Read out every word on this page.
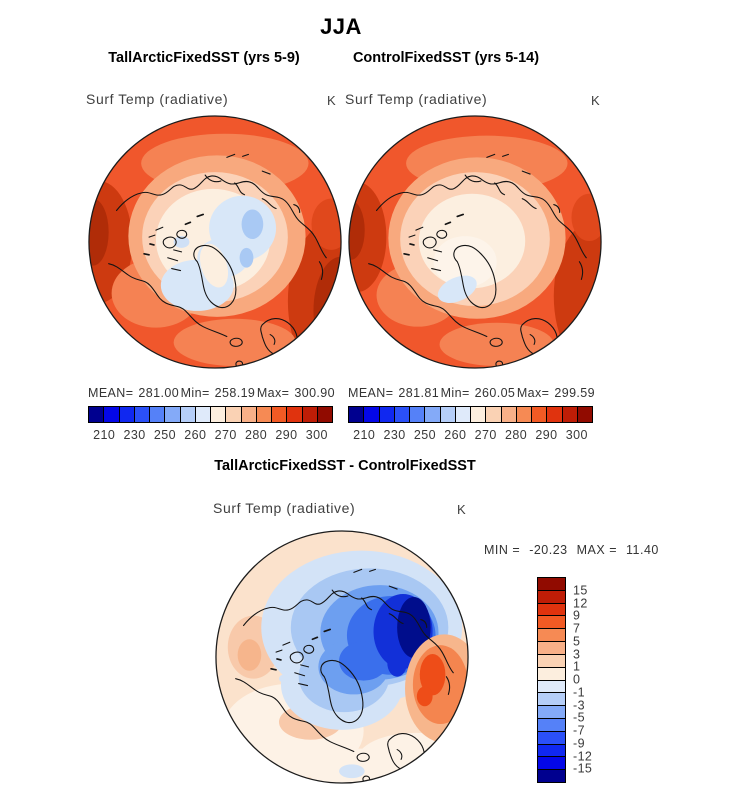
JJA
TallArcticFixedSST (yrs 5-9)	ControlFixedSST (yrs 5-14)
Surf Temp (radiative)	K Surf Temp (radiative)	K
MEAN= 281.00 Min= 258.19 Max= 300.90 MEAN= 281.81 Min= 260.05 Max= 299.59
210 230 250 260 270 280 290 300 210 230 250 260 270 280 290 300
TallArcticFixedSST - ControlFixedSST
Surf Temp (radiative)	K
MIN = -20.23 MAX = 11.40
15
12
9
7
5
3
1
0
-1
-3
-5
-7
-9
-12
-15
